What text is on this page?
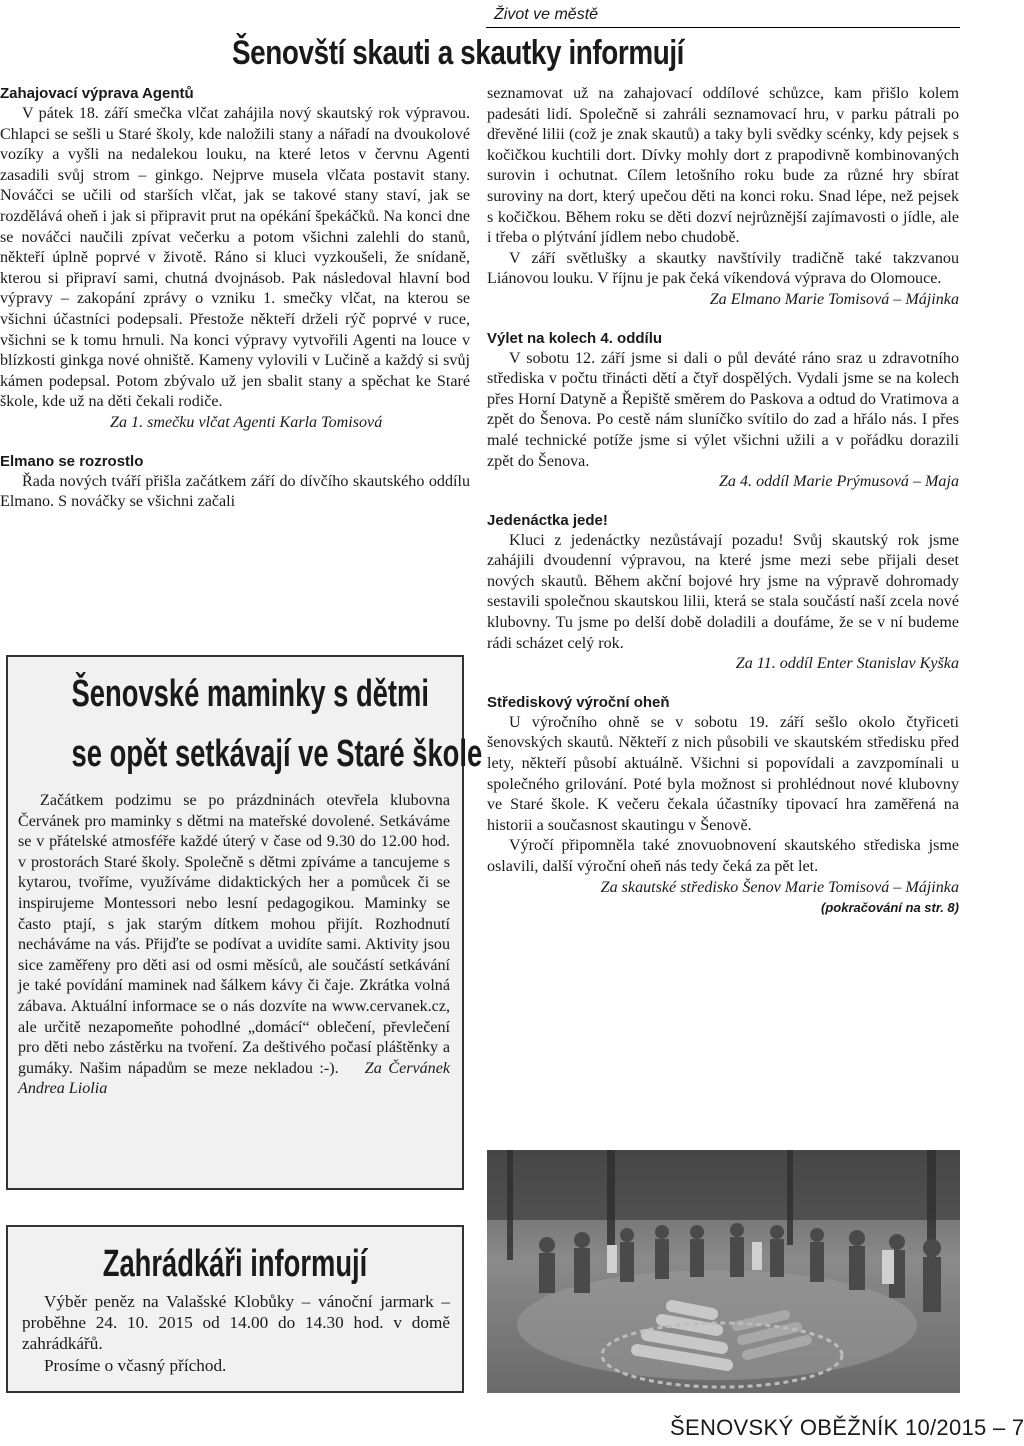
Život ve městě
Šenovští skauti a skautky informují
Zahajovací výprava Agentů

V pátek 18. září smečka vlčat zahájila nový skautský rok výpravou. Chlapci se sešli u Staré školy, kde naložili stany a nářadí na dvoukolové vozíky a vyšli na nedalekou louku, na které letos v červnu Agenti zasadili svůj strom – ginkgo. Nejprve musela vlčata postavit stany. Nováčci se učili od starších vlčat, jak se takové stany staví, jak se rozdělává oheň i jak si připravit prut na opékání špekáčků. Na konci dne se nováčci naučili zpívat večerku a potom všichni zalehli do stanů, někteří úplně poprvé v životě. Ráno si kluci vyzkoušeli, že snídaně, kterou si připraví sami, chutná dvojnásob. Pak následoval hlavní bod výpravy – zakopání zprávy o vzniku 1. smečky vlčat, na kterou se všichni účastníci podepsali. Přestože někteří drželi rýč poprvé v ruce, všichni se k tomu hrnuli. Na konci výpravy vytvořili Agenti na louce v blízkosti ginkga nové ohniště. Kameny vylovili v Lučině a každý si svůj kámen podepsal. Potom zbývalo už jen sbalit stany a spěchat ke Staré škole, kde už na děti čekali rodiče.

Za 1. smečku vlčat Agenti Karla Tomisová

Elmano se rozrostlo

Řada nových tváří přišla začátkem září do dívčího skautského oddílu Elmano. S nováčky se všichni začali

Šenovské maminky s dětmi
se opět setkávají ve Staré škole

Začátkem podzimu se po prázdninách otevřela klubovna Červánek pro maminky s dětmi na mateřské dovolené. Setkáváme se v přátelské atmosféře každé úterý v čase od 9.30 do 12.00 hod. v prostorách Staré školy. Společně s dětmi zpíváme a tancujeme s kytarou, tvoříme, využíváme didaktických her a pomůcek či se inspirujeme Montessori nebo lesní pedagogikou. Maminky se často ptají, s jak starým dítkem mohou přijít. Rozhodnutí necháváme na vás. Přijďte se podívat a uvidíte sami. Aktivity jsou sice zaměřeny pro děti asi od osmi měsíců, ale součástí setkávání je také povídání maminek nad šálkem kávy či čaje. Zkrátka volná zábava. Aktuální informace se o nás dozvíte na www.cervanek.cz, ale určitě nezapomeňte pohodlné „domácí“ oblečení, převlečení pro děti nebo zástěrku na tvoření. Za deštivého počasí pláštěnky a gumáky. Našim nápadům se meze nekladou :-). Za Červánek Andrea Liolia

Zahrádkáři informují

Výběr peněz na Valašské Klobůky – vánoční jarmark – proběhne 24. 10. 2015 od 14.00 do 14.30 hod. v domě zahrádkářů.

Prosíme o včasný příchod.

seznamovat už na zahajovací oddílové schůzce, kam přišlo kolem padesáti lidí. Společně si zahráli seznamovací hru, v parku pátrali po dřevěné lilii (což je znak skautů) a taky byli svědky scénky, kdy pejsek s kočičkou kuchtili dort. Dívky mohly dort z prapodivně kombinovaných surovin i ochutnat. Cílem letošního roku bude za různé hry sbírat suroviny na dort, který upečou děti na konci roku. Snad lépe, než pejsek s kočičkou. Během roku se děti dozví nejrůznější zajímavosti o jídle, ale i třeba o plýtvání jídlem nebo chudobě.

V září světlušky a skautky navštívily tradičně také takzvanou Liánovou louku. V říjnu je pak čeká víkendová výprava do Olomouce.

Za Elmano Marie Tomisová – Májinka

Výlet na kolech 4. oddílu

V sobotu 12. září jsme si dali o půl deváté ráno sraz u zdravotního střediska v počtu třinácti dětí a čtyř dospělých. Vydali jsme se na kolech přes Horní Datyně a Řepiště směrem do Paskova a odtud do Vratimova a zpět do Šenova. Po cestě nám sluníčko svítilo do zad a hřálo nás. I přes malé technické potíže jsme si výlet všichni užili a v pořádku dorazili zpět do Šenova.

Za 4. oddíl Marie Prýmusová – Maja

Jedenáctka jede!

Kluci z jedenáctky nezůstávají pozadu! Svůj skautský rok jsme zahájili dvoudenní výpravou, na které jsme mezi sebe přijali deset nových skautů. Během akční bojové hry jsme na výpravě dohromady sestavili společnou skautskou lilii, která se stala součástí naší zcela nové klubovny. Tu jsme po delší době doladili a doufáme, že se v ní budeme rádi scházet celý rok.

Za 11. oddíl Enter Stanislav Kyška

Střediskový výroční oheň

U výročního ohně se v sobotu 19. září sešlo okolo čtyřiceti šenovských skautů. Někteří z nich působili ve skautském středisku před lety, někteří působí aktuálně. Všichni si popovídali a zavzpomínali u společného grilování. Poté byla možnost si prohlédnout nové klubovny ve Staré škole. K večeru čekala účastníky tipovací hra zaměřená na historii a současnost skautingu v Šenově.

Výročí připomněla také znovuobnovení skautského střediska jsme oslavili, další výroční oheň nás tedy čeká za pět let.

Za skautské středisko Šenov Marie Tomisová – Májinka

(pokračování na str. 8)
ŠENOVSKÝ OBĚŽNÍK 10/2015 – 7
